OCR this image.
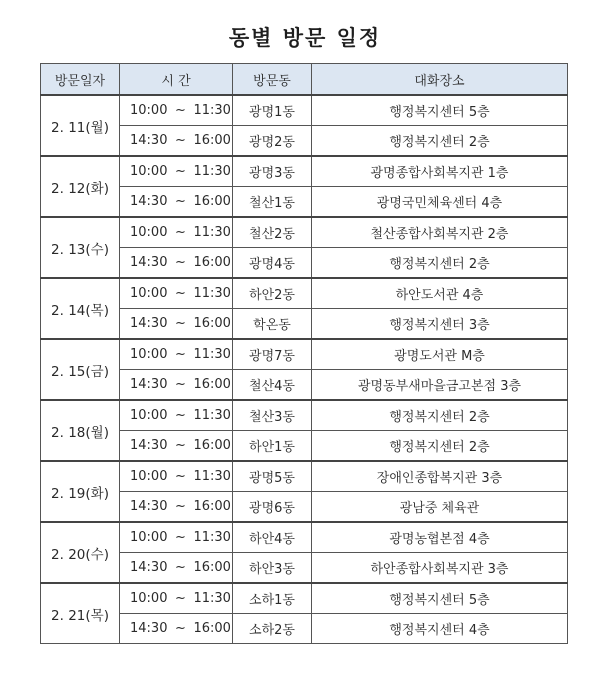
동별 방문 일정
방문일자	시 간	방문동	대화장소
2. 11(월)	10:00 ~ 11:30	광명1동	행정복지센터 5층
	14:30 ~ 16:00	광명2동	행정복지센터 2층
2. 12(화)	10:00 ~ 11:30	광명3동	광명종합사회복지관 1층
	14:30 ~ 16:00	철산1동	광명국민체육센터 4층
2. 13(수)	10:00 ~ 11:30	철산2동	철산종합사회복지관 2층
	14:30 ~ 16:00	광명4동	행정복지센터 2층
2. 14(목)	10:00 ~ 11:30	하안2동	하안도서관 4층
	14:30 ~ 16:00	학온동	행정복지센터 3층
2. 15(금)	10:00 ~ 11:30	광명7동	광명도서관 M층
	14:30 ~ 16:00	철산4동	광명동부새마을금고본점 3층
2. 18(월)	10:00 ~ 11:30	철산3동	행정복지센터 2층
	14:30 ~ 16:00	하안1동	행정복지센터 2층
2. 19(화)	10:00 ~ 11:30	광명5동	장애인종합복지관 3층
	14:30 ~ 16:00	광명6동	광남중 체육관
2. 20(수)	10:00 ~ 11:30	하안4동	광명농협본점 4층
	14:30 ~ 16:00	하안3동	하안종합사회복지관 3층
2. 21(목)	10:00 ~ 11:30	소하1동	행정복지센터 5층
	14:30 ~ 16:00	소하2동	행정복지센터 4층
